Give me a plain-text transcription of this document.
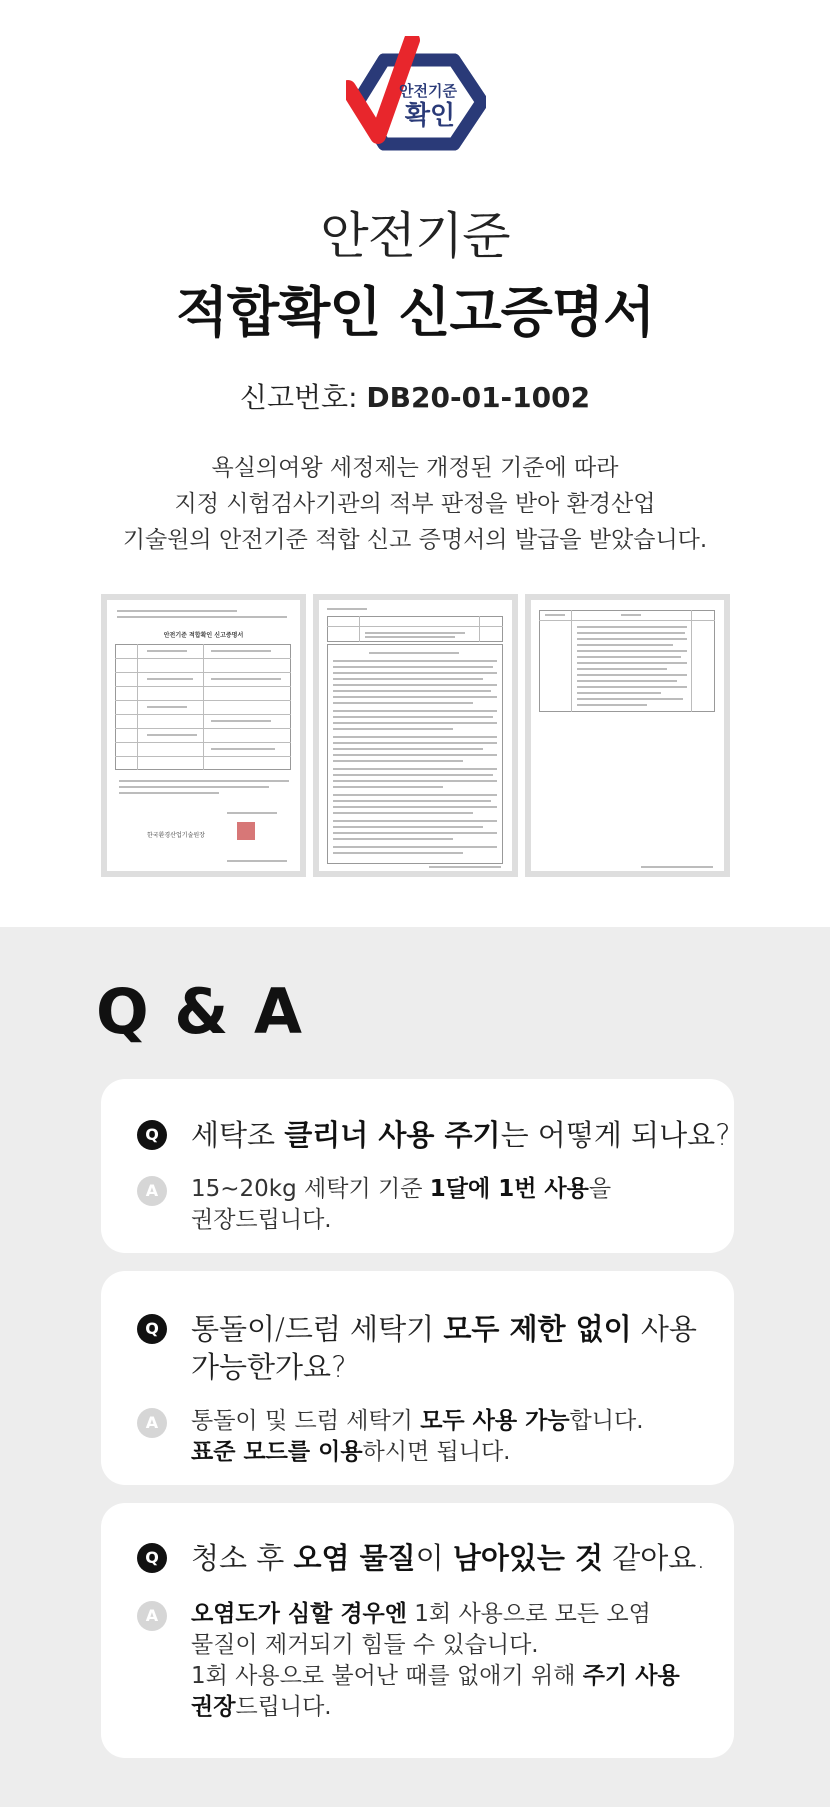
안전기준
확인
안전기준
적합확인 신고증명서
신고번호: DB20-01-1002
욕실의여왕 세정제는 개정된 기준에 따라
지정 시험검사기관의 적부 판정을 받아 환경산업
기술원의 안전기준 적합 신고 증명서의 발급을 받았습니다.
안전기준 적합확인 신고증명서
한국환경산업기술원장
Q & A
Q 세탁조 클리너 사용 주기는 어떻게 되나요?
A	15~20kg 세탁기 기준 1달에 1번 사용을
권장드립니다.
Q 통돌이/드럼 세탁기 모두 제한 없이 사용
가능한가요?
A	통돌이 및 드럼 세탁기 모두 사용 가능합니다.
표준 모드를 이용하시면 됩니다.
Q 청소 후 오염 물질이 남아있는 것 같아요.
A	오염도가 심할 경우엔 1회 사용으로 모든 오염
물질이 제거되기 힘들 수 있습니다.
1회 사용으로 불어난 때를 없애기 위해 주기 사용
권장드립니다.
